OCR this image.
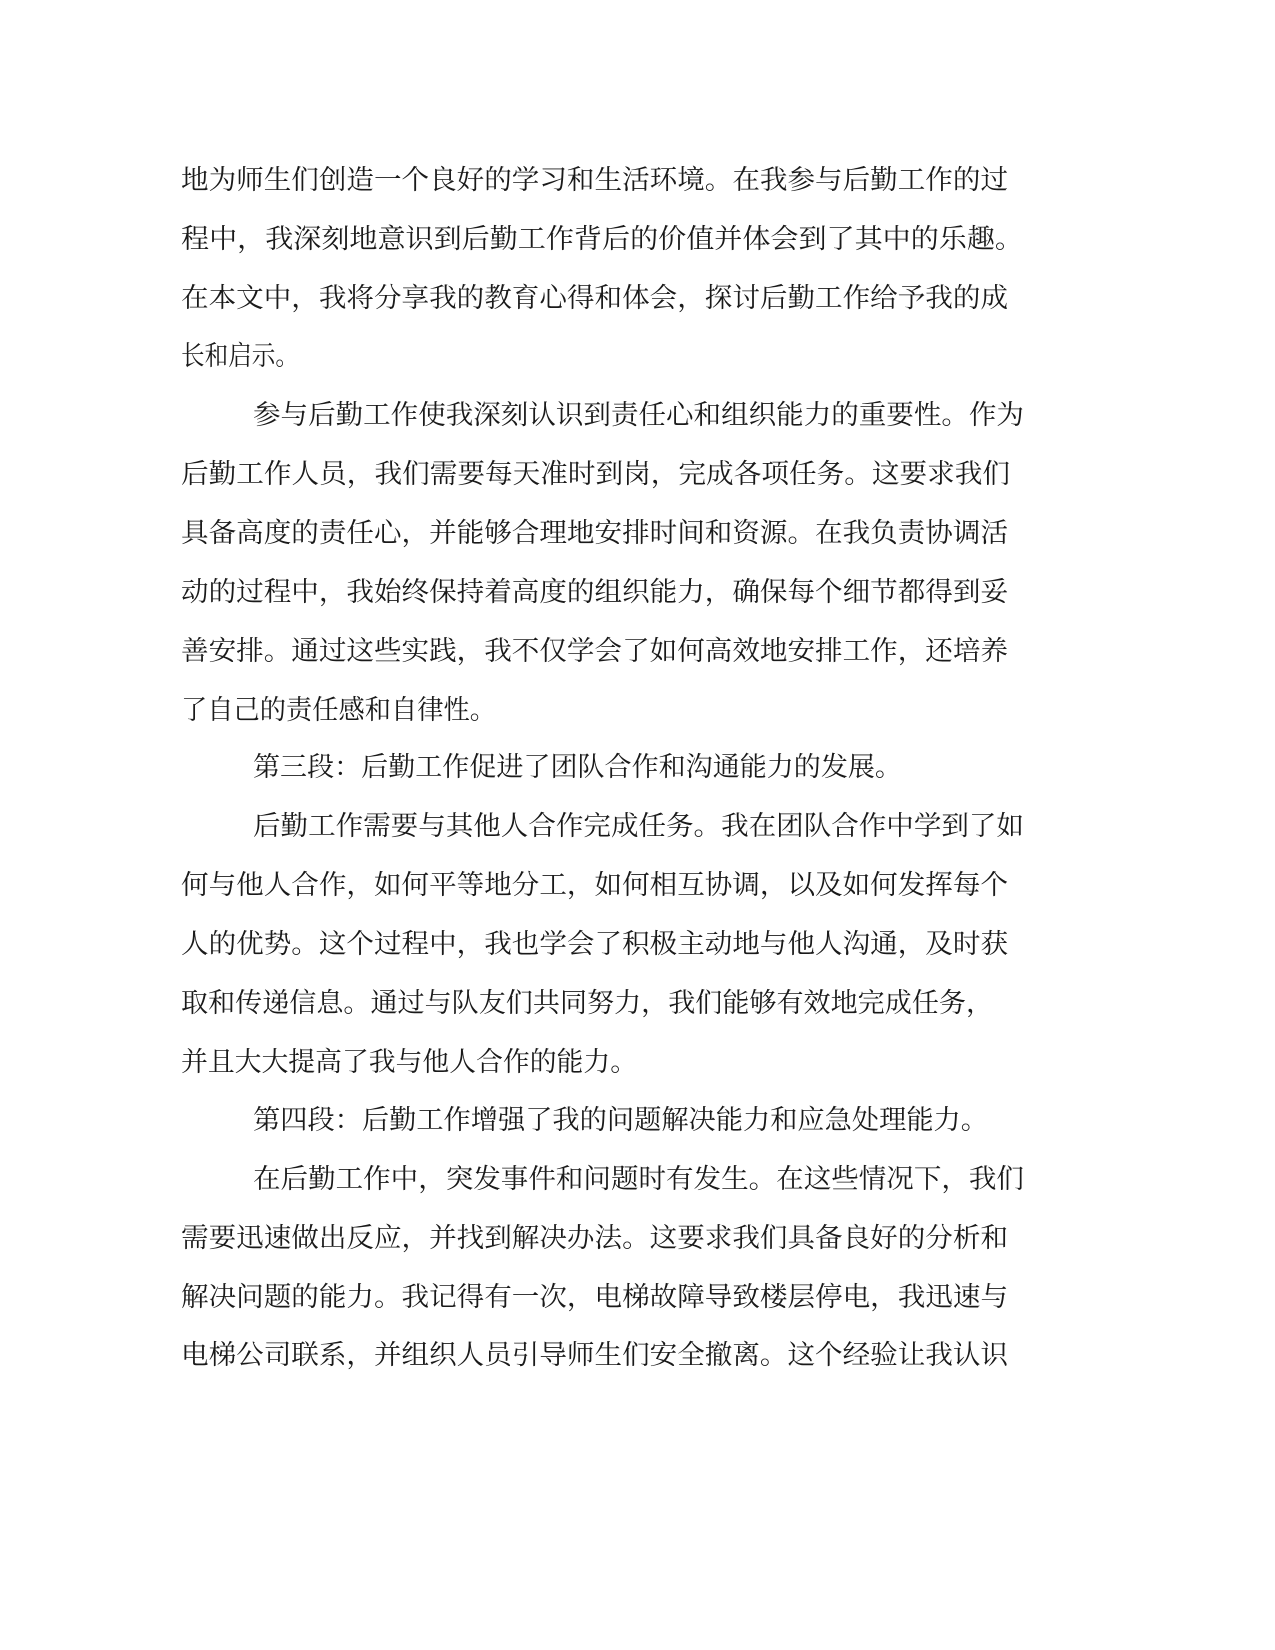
地为师生们创造一个良好的学习和生活环境。在我参与后勤工作的过
程中，我深刻地意识到后勤工作背后的价值并体会到了其中的乐趣。
在本文中，我将分享我的教育心得和体会，探讨后勤工作给予我的成
长和启示。
参与后勤工作使我深刻认识到责任心和组织能力的重要性。作为
后勤工作人员，我们需要每天准时到岗，完成各项任务。这要求我们
具备高度的责任心，并能够合理地安排时间和资源。在我负责协调活
动的过程中，我始终保持着高度的组织能力，确保每个细节都得到妥
善安排。通过这些实践，我不仅学会了如何高效地安排工作，还培养
了自己的责任感和自律性。
第三段：后勤工作促进了团队合作和沟通能力的发展。
后勤工作需要与其他人合作完成任务。我在团队合作中学到了如
何与他人合作，如何平等地分工，如何相互协调，以及如何发挥每个
人的优势。这个过程中，我也学会了积极主动地与他人沟通，及时获
取和传递信息。通过与队友们共同努力，我们能够有效地完成任务，
并且大大提高了我与他人合作的能力。
第四段：后勤工作增强了我的问题解决能力和应急处理能力。
在后勤工作中，突发事件和问题时有发生。在这些情况下，我们
需要迅速做出反应，并找到解决办法。这要求我们具备良好的分析和
解决问题的能力。我记得有一次，电梯故障导致楼层停电，我迅速与
电梯公司联系，并组织人员引导师生们安全撤离。这个经验让我认识
